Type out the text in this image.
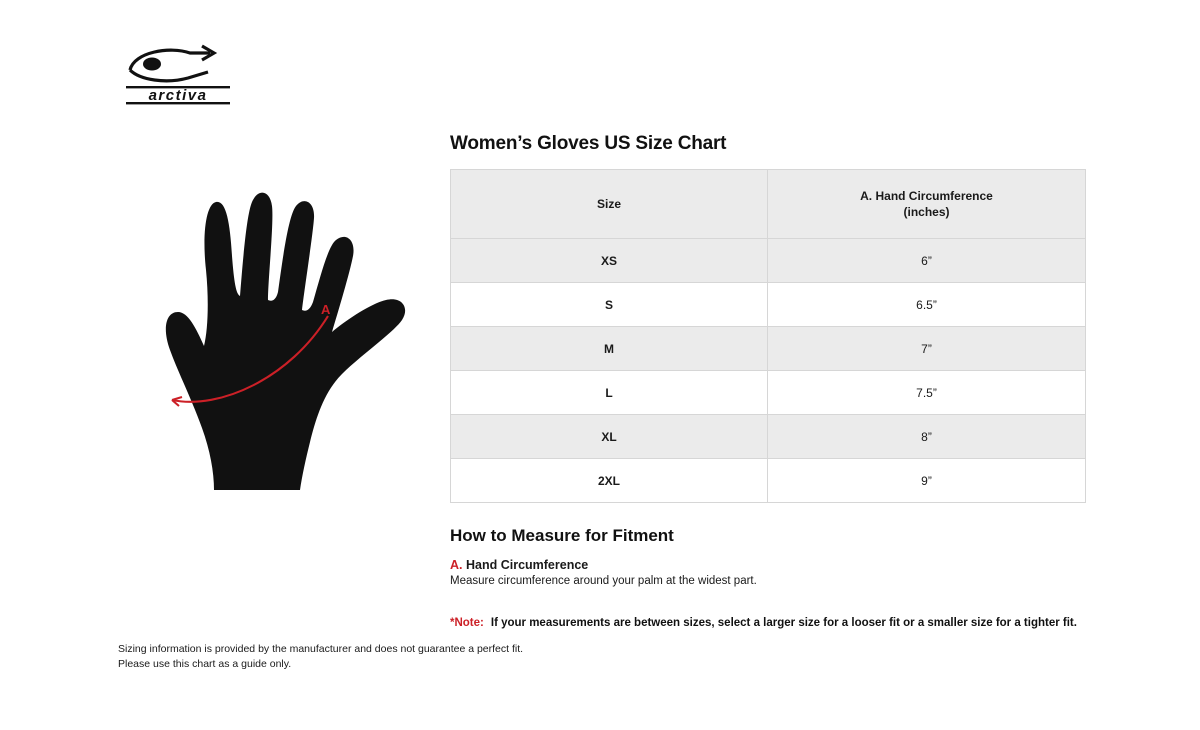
arctiva
A
Women’s Gloves US Size Chart
Size	A. Hand Circumference
(inches)

XS	6”
S	6.5”
M	7”
L	7.5”
XL	8”
2XL	9”
How to Measure for Fitment

A. Hand Circumference

Measure circumference around your palm at the widest part.

*Note: If your measurements are between sizes, select a larger size for a looser fit or a smaller size for a tighter fit.

Sizing information is provided by the manufacturer and does not guarantee a perfect fit.
Please use this chart as a guide only.
